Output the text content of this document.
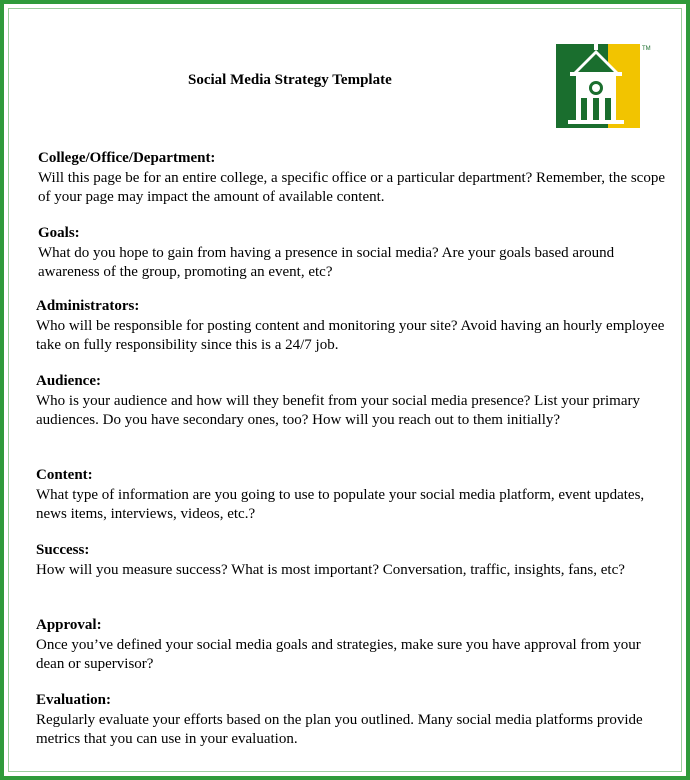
Social Media Strategy Template
TM
College/Office/Department:
Will this page be for an entire college, a specific office or a particular department? Remember, the scope of your page may impact the amount of available content.
Goals:
What do you hope to gain from having a presence in social media? Are your goals based around awareness of the group, promoting an event, etc?
Administrators:
Who will be responsible for posting content and monitoring your site? Avoid having an hourly employee take on fully responsibility since this is a 24/7 job.
Audience:
Who is your audience and how will they benefit from your social media presence? List your primary audiences. Do you have secondary ones, too? How will you reach out to them initially?
Content:
What type of information are you going to use to populate your social media platform, event updates, news items, interviews, videos, etc.?
Success:
How will you measure success? What is most important? Conversation, traffic, insights, fans, etc?
Approval:
Once you’ve defined your social media goals and strategies, make sure you have approval from your dean or supervisor?
Evaluation:
Regularly evaluate your efforts based on the plan you outlined. Many social media platforms provide metrics that you can use in your evaluation.
